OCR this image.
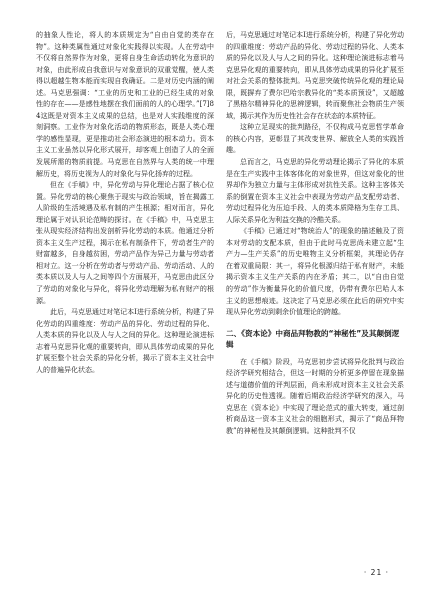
的抽象人性论，将人的本质规定为“自由自觉的类存在物”。这种类属性通过对象化实践得以实现。人在劳动中不仅将自然界作为对象，更将自身生命活动转化为意识的对象，由此形成自我意识与对象意识的双重觉醒，使人类得以超越生物本能而实现自我确证。二是对历史内涵的阐述。马克思强调：“工业的历史和工业的已经生成的对象性的存在——是感性地摆在我们面前的人的心理学。”[7]84这既是对资本主义成果的总结，也是对人实践维度的深刻洞察。工业作为对象化活动的物质形态，既是人类心理学的感性显现，更是推动社会形态演进的根本动力。资本主义工业虽然以异化形式展开，却客观上创造了人的全面发展所需的物质前提。马克思在自然界与人类的统一中理解历史，将历史视为人的对象化与异化扬弃的过程。

但在《手稿》中，异化劳动与异化理论占据了核心位置。异化劳动的核心聚焦于现实与政治领域，旨在揭露工人阶级的生活境遇及私有制的产生根源；相对而言，异化理论属于对认识论范畴的探讨。在《手稿》中，马克思主张从现实经济结构出发剖析异化劳动的本质。他通过分析资本主义生产过程，揭示在私有制条件下，劳动者生产的财富越多，自身越贫困，劳动产品作为异己力量与劳动者相对立。这一分析在劳动者与劳动产品、劳动活动、人的类本质以及人与人之间等四个方面展开，马克思由此区分了劳动的对象化与异化，将异化劳动理解为私有财产的根源。

此后，马克思通过对笔记本Ⅰ进行系统分析，构建了异化劳动的四重维度：劳动产品的异化、劳动过程的异化、人类本质的异化以及人与人之间的异化。这种理论演进标志着马克思异化观的重要转向，即从具体劳动成果的异化扩展至整个社会关系的异化分析，揭示了资本主义社会中人的普遍异化状态。

后，马克思通过对笔记本Ⅰ进行系统分析，构建了异化劳动的四重维度：劳动产品的异化、劳动过程的异化、人类本质的异化以及人与人之间的异化。这种理论演进标志着马克思异化观的重要转向，即从具体劳动成果的异化扩展至对社会关系的整体批判。马克思突破传统异化观的理论局限，既摒弃了费尔巴哈宗教异化的“类本质预设”，又超越了黑格尔精神异化的思辨逻辑，转而聚焦社会物质生产领域，揭示其作为历史性社会存在状态的本质特征。

这种立足现实的批判路径，不仅构成马克思哲学革命的核心内容，更彰显了其改变世界、解放全人类的实践旨趣。

总而言之，马克思的异化劳动理论揭示了异化的本质是在生产实践中主体客体化的对象世界，但这对象化的世界却作为独立力量与主体形成对抗性关系。这种主客体关系的倒置在资本主义社会中表现为劳动产品支配劳动者、劳动过程异化为压迫手段、人的类本质降格为生存工具、人际关系异化为利益交换的冷酷关系。

《手稿》已通过对“物统治人”的现象的描述触及了资本对劳动的支配本质，但由于此时马克思尚未建立起“生产力—生产关系”的历史唯物主义分析框架，其理论仍存在着双重局限：其一，将异化根源归结于私有财产，未能揭示资本主义生产关系的内在矛盾；其二，以“自由自觉的劳动”作为衡量异化的价值尺度，仍带有费尔巴哈人本主义的思想痕迹。这决定了马克思必须在此后的研究中实现从异化劳动到剩余价值理论的跨越。

二、《资本论》中商品拜物教的“神秘性”及其颠倒逻辑

在《手稿》阶段，马克思初步尝试将异化批判与政治经济学研究相结合，但这一时期的分析更多停留在现象描述与道德价值的评判层面，尚未形成对资本主义社会关系异化的历史性透视。随着后期政治经济学研究的深入，马克思在《资本论》中实现了理论范式的重大转变，通过剖析商品这一资本主义社会的细胞形式，揭示了“商品拜物教”的神秘性及其颠倒逻辑。这种批判不仅

· 21 ·
